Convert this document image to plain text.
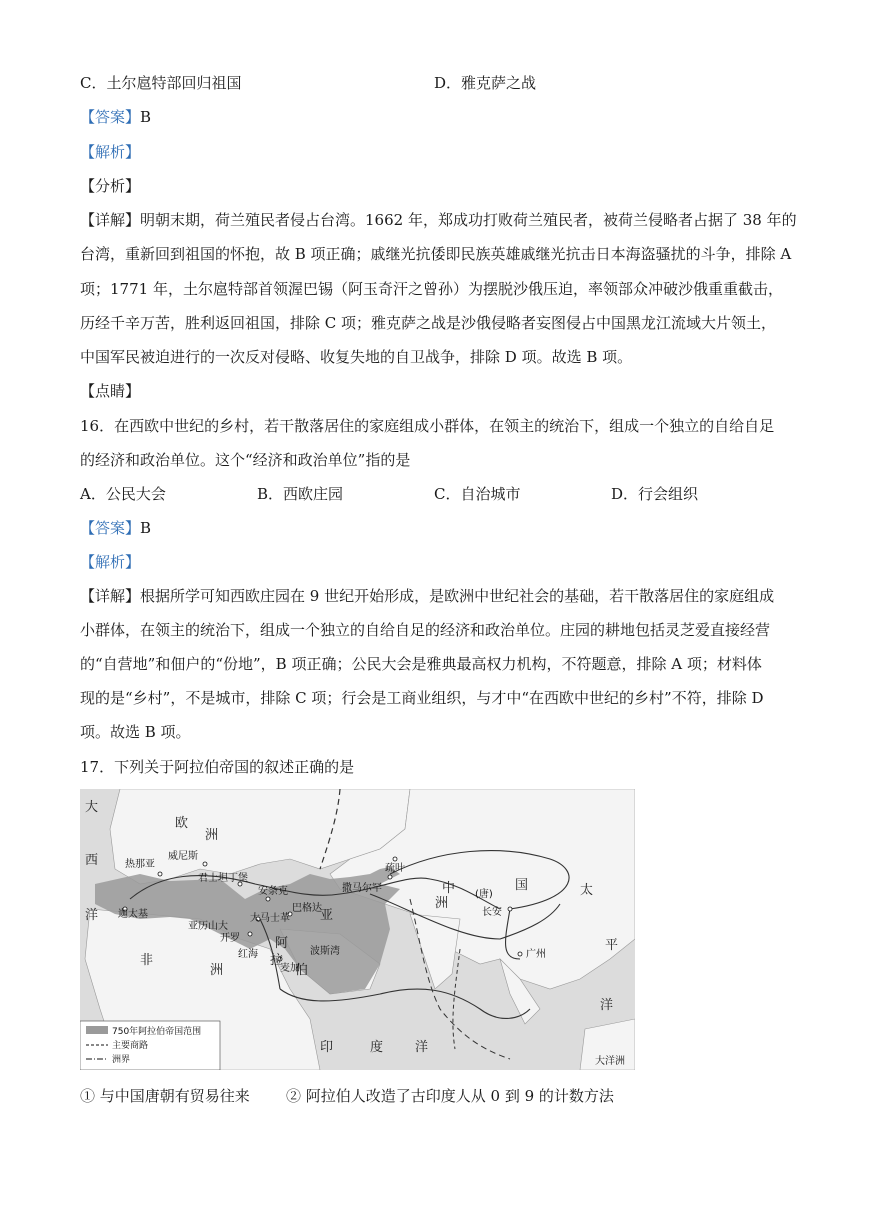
C．土尔扈特部回归祖国	D．雅克萨之战
【答案】B
【解析】
【分析】
【详解】明朝末期，荷兰殖民者侵占台湾。1662 年，郑成功打败荷兰殖民者，被荷兰侵略者占据了 38 年的
台湾，重新回到祖国的怀抱，故 B 项正确；戚继光抗倭即民族英雄戚继光抗击日本海盗骚扰的斗争，排除 A
项；1771 年，土尔扈特部首领渥巴锡（阿玉奇汗之曾孙）为摆脱沙俄压迫，率领部众冲破沙俄重重截击，
历经千辛万苦，胜利返回祖国，排除 C 项；雅克萨之战是沙俄侵略者妄图侵占中国黑龙江流域大片领土，
中国军民被迫进行的一次反对侵略、收复失地的自卫战争，排除 D 项。故选 B 项。
【点睛】
16．在西欧中世纪的乡村，若干散落居住的家庭组成小群体，在领主的统治下，组成一个独立的自给自足
的经济和政治单位。这个“经济和政治单位”指的是
A．公民大会	B．西欧庄园	C．自治城市	D．行会组织
【答案】B
【解析】
【详解】根据所学可知西欧庄园在 9 世纪开始形成，是欧洲中世纪社会的基础，若干散落居住的家庭组成
小群体，在领主的统治下，组成一个独立的自给自足的经济和政治单位。庄园的耕地包括灵芝爱直接经营
的“自营地”和佃户的“份地”，B 项正确；公民大会是雅典最高权力机构，不符题意，排除 A 项；材料体
现的是“乡村”，不是城市，排除 C 项；行会是工商业组织，与才中“在西欧中世纪的乡村”不符，排除 D
项。故选 B 项。
17．下列关于阿拉伯帝国的叙述正确的是
欧
洲
大
西
洋
非
洲
亚
洲
中	国
(唐)	太
平
洋
印	度 洋
大洋洲
阿
拉
伯
红海	波斯湾
热那亚
威尼斯
君士坦丁堡
安条克
巴格达
大马士革
亚历山大
开罗
麦加
撒马尔罕
疏叶
长安
广州
迦太基
750年阿拉伯帝国范围
主要商路
洲界
① 与中国唐朝有贸易往来 ② 阿拉伯人改造了古印度人从 0 到 9 的计数方法
